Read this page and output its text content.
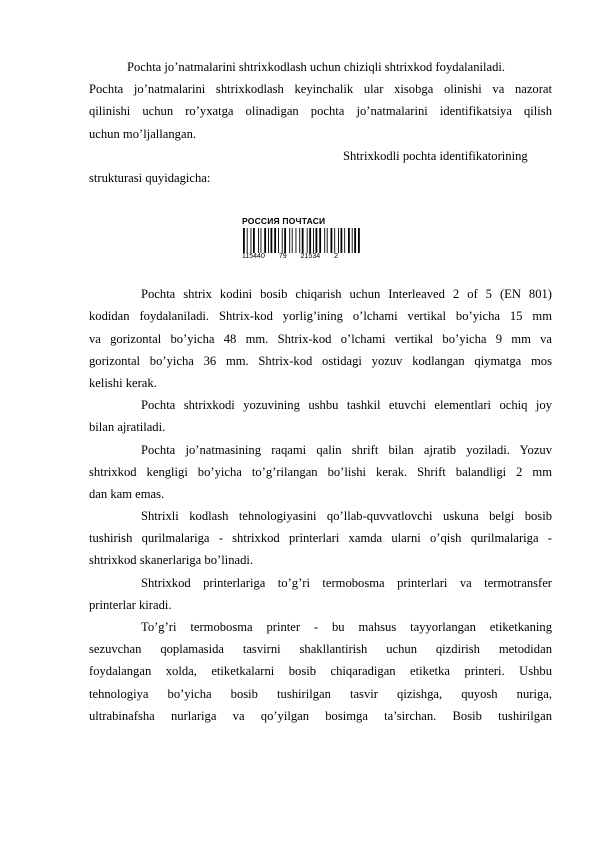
Pochta jo’natmalarini shtrixkodlash uchun chiziqli shtrixkod foydalaniladi.
Pochta jo’natmalarini shtrixkodlash keyinchalik ular xisobga olinishi va nazorat
qilinishi uchun ro’yxatga olinadigan pochta jo’natmalarini identifikatsiya qilish
uchun mo’ljallangan.
Shtrixkodli pochta identifikatorining
strukturasi quyidagicha:
РОССИЯ ПОЧТАСИ
115440 79 21534 2
Pochta shtrix kodini bosib chiqarish uchun Interleaved 2 of 5 (EN 801)
kodidan foydalaniladi. Shtrix-kod yorlig’ining o’lchami vertikal bo’yicha 15 mm
va gorizontal bo’yicha 48 mm. Shtrix-kod o’lchami vertikal bo’yicha 9 mm va
gorizontal bo’yicha 36 mm. Shtrix-kod ostidagi yozuv kodlangan qiymatga mos
kelishi kerak.
Pochta shtrixkodi yozuvining ushbu tashkil etuvchi elementlari ochiq joy
bilan ajratiladi.
Pochta jo’natmasining raqami qalin shrift bilan ajratib yoziladi. Yozuv
shtrixkod kengligi bo’yicha to’g’rilangan bo’lishi kerak. Shrift balandligi 2 mm
dan kam emas.
Shtrixli kodlash tehnologiyasini qo’llab-quvvatlovchi uskuna belgi bosib
tushirish qurilmalariga - shtrixkod printerlari xamda ularni o’qish qurilmalariga -
shtrixkod skanerlariga bo’linadi.
Shtrixkod printerlariga to’g’ri termobosma printerlari va termotransfer
printerlar kiradi.
To’g’ri termobosma printer - bu mahsus tayyorlangan etiketkaning
sezuvchan qoplamasida tasvirni shakllantirish uchun qizdirish metodidan
foydalangan xolda, etiketkalarni bosib chiqaradigan etiketka printeri. Ushbu
tehnologiya bo’yicha bosib tushirilgan tasvir qizishga, quyosh nuriga,
ultrabinafsha nurlariga va qo’yilgan bosimga ta’sirchan. Bosib tushirilgan
